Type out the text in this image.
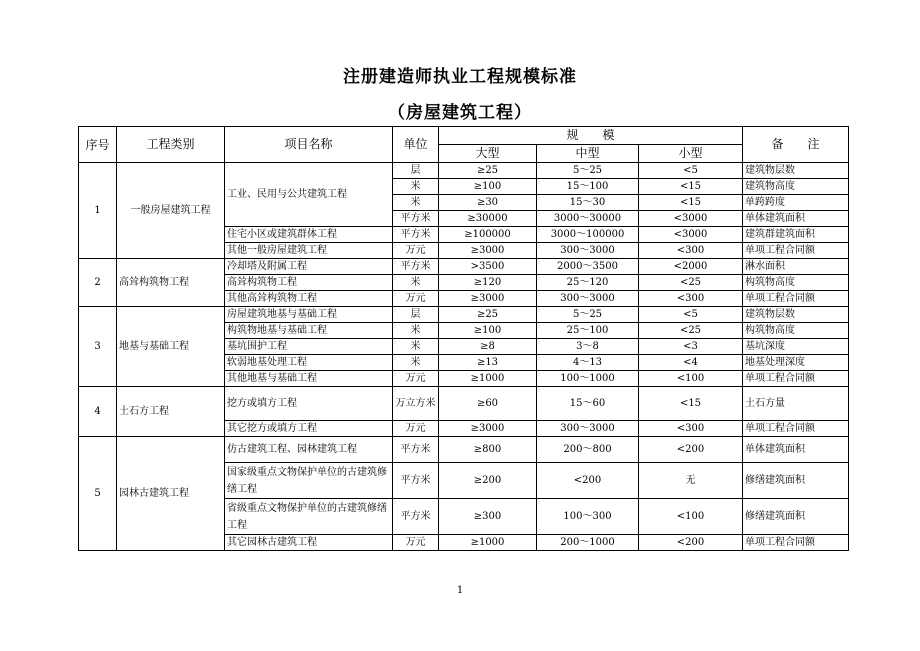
注册建造师执业工程规模标准
（房屋建筑工程）
序号	工程类别	项目名称	单位	规　　模			备　　注
				大型	中型	小型	
1	一般房屋建筑工程	工业、民用与公共建筑工程	层	≥25	5～25	<5	建筑物层数
			米	≥100	15～100	<15	建筑物高度
			米	≥30	15～30	<15	单跨跨度
			平方米	≥30000	3000～30000	<3000	单体建筑面积
		住宅小区或建筑群体工程	平方米	≥100000	3000～100000	<3000	建筑群建筑面积
		其他一般房屋建筑工程	万元	≥3000	300～3000	<300	单项工程合同额
2	高耸构筑物工程	冷却塔及附属工程	平方米	>3500	2000～3500	<2000	淋水面积
		高耸构筑物工程	米	≥120	25～120	<25	构筑物高度
		其他高耸构筑物工程	万元	≥3000	300～3000	<300	单项工程合同额
3	地基与基础工程	房屋建筑地基与基础工程	层	≥25	5～25	<5	建筑物层数
		构筑物地基与基础工程	米	≥100	25～100	<25	构筑物高度
		基坑围护工程	米	≥8	3～8	<3	基坑深度
		软弱地基处理工程	米	≥13	4～13	<4	地基处理深度
		其他地基与基础工程	万元	≥1000	100～1000	<100	单项工程合同额
4	土石方工程	挖方或填方工程	万立方米	≥60	15～60	<15	土石方量
		其它挖方或填方工程	万元	≥3000	300～3000	<300	单项工程合同额
5	园林古建筑工程	仿古建筑工程、园林建筑工程	平方米	≥800	200～800	<200	单体建筑面积
		国家级重点文物保护单位的古建筑修缮工程	平方米	≥200	<200	无	修缮建筑面积
		省级重点文物保护单位的古建筑修缮工程	平方米	≥300	100～300	<100	修缮建筑面积
		其它园林古建筑工程	万元	≥1000	200～1000	<200	单项工程合同额
1
